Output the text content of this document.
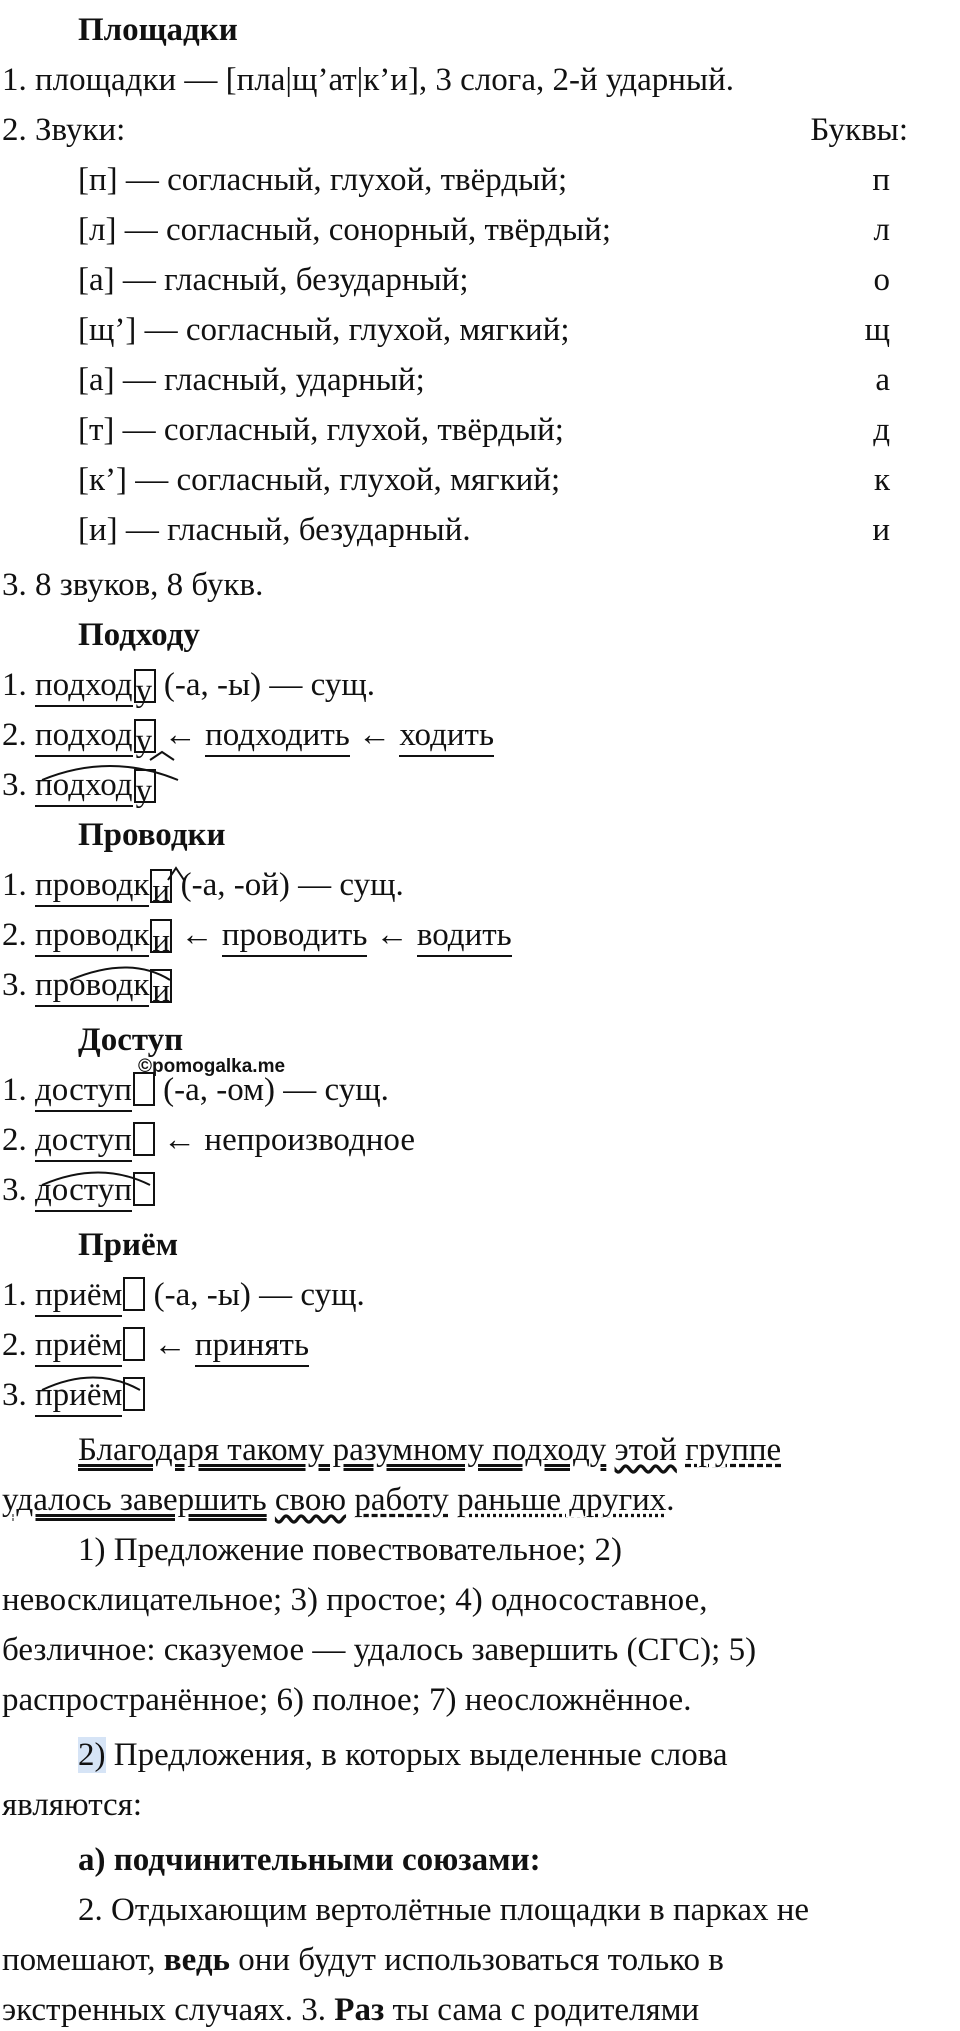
Площадки
1. площадки — [пла|щ’ат|к’и], 3 слога, 2-й ударный.
2. Звуки:	Буквы:
[п] — согласный, глухой, твёрдый;	п
[л] — согласный, сонорный, твёрдый;	л
[а] — гласный, безударный;	о
[щ’] — согласный, глухой, мягкий;	щ
[а] — гласный, ударный;	а
[т] — согласный, глухой, твёрдый;	д
[к’] — согласный, глухой, мягкий;	к
[и] — гласный, безударный.	и
3. 8 звуков, 8 букв.
Подходу
1. подходу (-а, -ы) — сущ.
2. подходу ← подходить ← ходить
3. подходу
Проводки
1. проводки (-а, -ой) — сущ.
2. проводки ← проводить ← водить
3. проводки
Доступ
©pomogalka.me
1. доступ (-а, -ом) — сущ.
2. доступ ← непроизводное
3. доступ
Приём
1. приём (-а, -ы) — сущ.
2. приём ← принять
3. приём
Благодаря такому разумному подходу этой группе
удалось завершить свою работу раньше других.
1) Предложение повествовательное; 2)
невосклицательное; 3) простое; 4) односоставное,
безличное: сказуемое — удалось завершить (СГС); 5)
распространённое; 6) полное; 7) неосложнённое.
2) Предложения, в которых выделенные слова
являются:
а) подчинительными союзами:
2. Отдыхающим вертолётные площадки в парках не
помешают, ведь они будут использоваться только в
экстренных случаях. 3. Раз ты сама с родителями
